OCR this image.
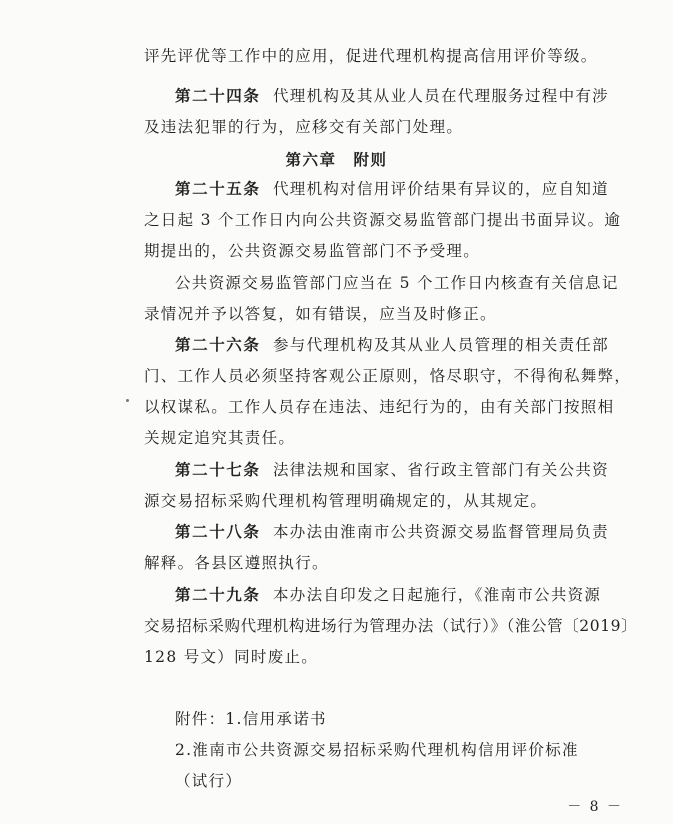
评先评优等工作中的应用，促进代理机构提高信用评价等级。
第二十四条 代理机构及其从业人员在代理服务过程中有涉
及违法犯罪的行为，应移交有关部门处理。
第六章　附则
第二十五条 代理机构对信用评价结果有异议的，应自知道
之日起 3 个工作日内向公共资源交易监管部门提出书面异议。逾
期提出的，公共资源交易监管部门不予受理。
公共资源交易监管部门应当在 5 个工作日内核查有关信息记
录情况并予以答复，如有错误，应当及时修正。
第二十六条 参与代理机构及其从业人员管理的相关责任部
门、工作人员必须坚持客观公正原则，恪尽职守，不得徇私舞弊，
以权谋私。工作人员存在违法、违纪行为的，由有关部门按照相
关规定追究其责任。
第二十七条 法律法规和国家、省行政主管部门有关公共资
源交易招标采购代理机构管理明确规定的，从其规定。
第二十八条 本办法由淮南市公共资源交易监督管理局负责
解释。各县区遵照执行。
第二十九条 本办法自印发之日起施行，《淮南市公共资源
交易招标采购代理机构进场行为管理办法（试行）》（淮公管〔2019〕
128 号文）同时废止。
附件：1.信用承诺书
2.淮南市公共资源交易招标采购代理机构信用评价标准
（试行）
－ 8 －
